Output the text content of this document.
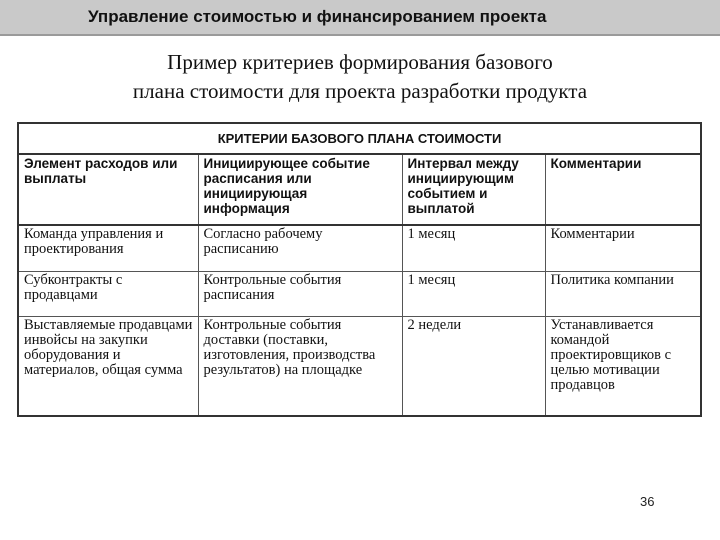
Управление стоимостью и финансированием проекта
Пример критериев формирования базового
плана стоимости для проекта разработки продукта
КРИТЕРИИ БАЗОВОГО ПЛАНА СТОИМОСТИ			
Элемент расходов или выплаты	Инициирующее событие расписания или инициирующая информация	Интервал между инициирующим событием и выплатой	Комментарии
Команда управления и проектирования	Согласно рабочему расписанию	1 месяц	Комментарии
Субконтракты с продавцами	Контрольные события расписания	1 месяц	Политика компании
Выставляемые продавцами инвойсы на закупки оборудования и материалов, общая сумма	Контрольные события доставки (поставки, изготовления, производства результатов) на площадке	2 недели	Устанавливается командой проектировщиков с целью мотивации продавцов
36
